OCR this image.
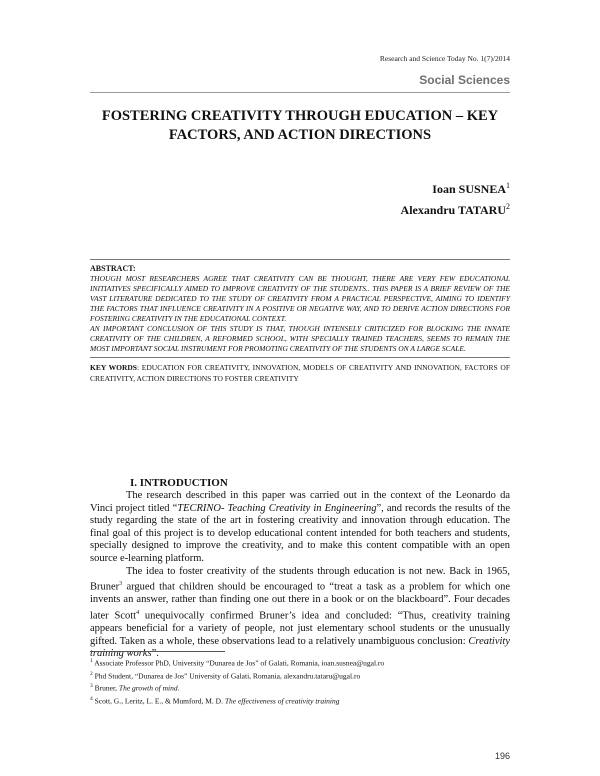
Research and Science Today No. 1(7)/2014
Social Sciences
FOSTERING CREATIVITY THROUGH EDUCATION – KEY
FACTORS, AND ACTION DIRECTIONS
Ioan SUSNEA$^1$
Alexandru TATARU$^2$
ABSTRACT:

THOUGH MOST RESEARCHERS AGREE THAT CREATIVITY CAN BE THOUGHT, THERE ARE VERY FEW EDUCATIONAL INITIATIVES SPECIFICALLY AIMED TO IMPROVE CREATIVITY OF THE STUDENTS.. THIS PAPER IS A BRIEF REVIEW OF THE VAST LITERATURE DEDICATED TO THE STUDY OF CREATIVITY FROM A PRACTICAL PERSPECTIVE, AIMING TO IDENTIFY THE FACTORS THAT INFLUENCE CREATIVITY IN A POSITIVE OR NEGATIVE WAY, AND TO DERIVE ACTION DIRECTIONS FOR FOSTERING CREATIVITY IN THE EDUCATIONAL CONTEXT.

AN IMPORTANT CONCLUSION OF THIS STUDY IS THAT, THOUGH INTENSELY CRITICIZED FOR BLOCKING THE INNATE CREATIVITY OF THE CHILDREN, A REFORMED SCHOOL, WITH SPECIALLY TRAINED TEACHERS, SEEMS TO REMAIN THE MOST IMPORTANT SOCIAL INSTRUMENT FOR PROMOTING CREATIVITY OF THE STUDENTS ON A LARGE SCALE.

KEY WORDS: EDUCATION FOR CREATIVITY, INNOVATION, MODELS OF CREATIVITY AND INNOVATION, FACTORS OF CREATIVITY, ACTION DIRECTIONS TO FOSTER CREATIVITY
I. INTRODUCTION

The research described in this paper was carried out in the context of the Leonardo da Vinci project titled “TECRINO- Teaching Creativity in Engineering”, and records the results of the study regarding the state of the art in fostering creativity and innovation through education. The final goal of this project is to develop educational content intended for both teachers and students, specially designed to improve the creativity, and to make this content compatible with an open source e-learning platform.

The idea to foster creativity of the students through education is not new. Back in 1965, Bruner$^3$ argued that children should be encouraged to “treat a task as a problem for which one invents an answer, rather than finding one out there in a book or on the blackboard”. Four decades later Scott$^4$ unequivocally confirmed Bruner’s idea and concluded: “Thus, creativity training appears beneficial for a variety of people, not just elementary school students or the unusually gifted. Taken as a whole, these observations lead to a relatively unambiguous conclusion: Creativity training works”.

$^1$ Associate Professor PhD, University “Dunarea de Jos” of Galati, Romania, ioan.susnea@ugal.ro
$^2$ Phd Student, “Dunarea de Jos” University of Galati, Romania, alexandru.tataru@ugal.ro
$^3$ Bruner, The growth of mind.
$^4$ Scott, G., Leritz, L. E., & Mumford, M. D. The effectiveness of creativity training
196
